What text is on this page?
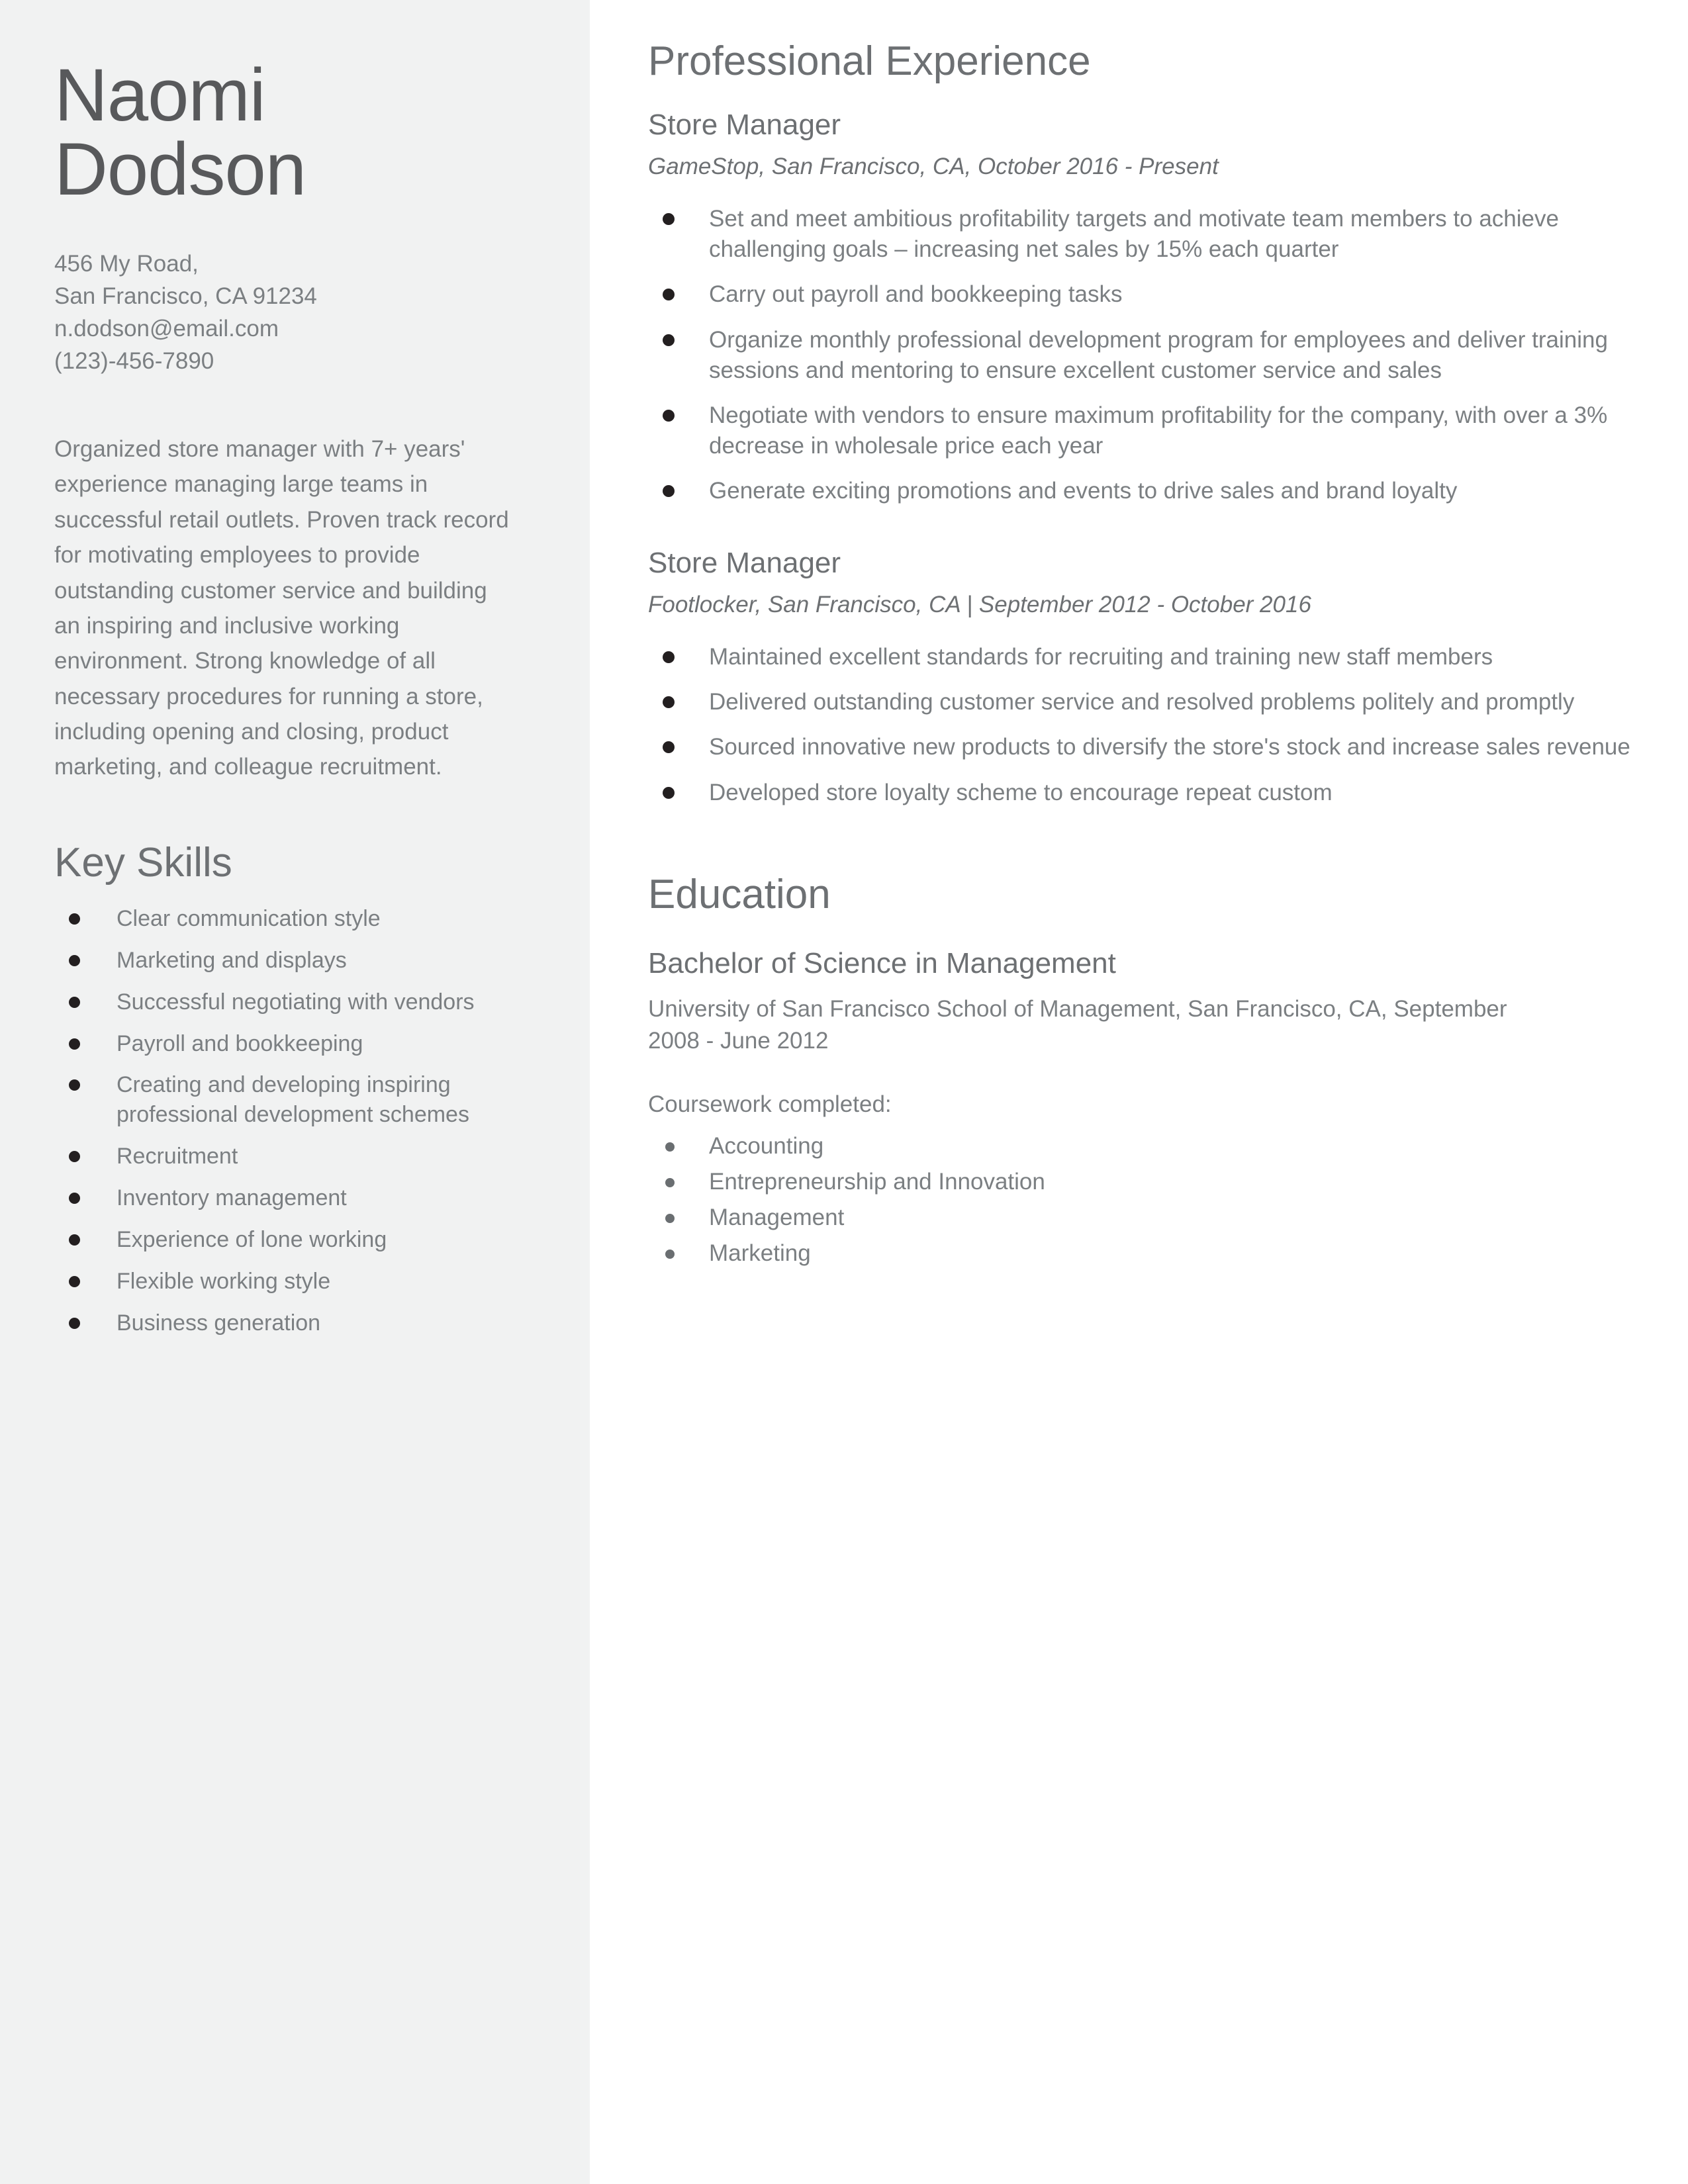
Naomi
Dodson
456 My Road,
San Francisco, CA 91234
n.dodson@email.com
(123)-456-7890

Organized store manager with 7+ years' experience managing large teams in successful retail outlets. Proven track record for motivating employees to provide outstanding customer service and building an inspiring and inclusive working environment. Strong knowledge of all necessary procedures for running a store, including opening and closing, product marketing, and colleague recruitment.

Key Skills
Clear communication style
Marketing and displays
Successful negotiating with vendors
Payroll and bookkeeping
Creating and developing inspiring professional development schemes
Recruitment
Inventory management
Experience of lone working
Flexible working style
Business generation
Professional Experience
Store Manager
GameStop, San Francisco, CA, October 2016 - Present
Set and meet ambitious profitability targets and motivate team members to achieve challenging goals – increasing net sales by 15% each quarter
Carry out payroll and bookkeeping tasks
Organize monthly professional development program for employees and deliver training sessions and mentoring to ensure excellent customer service and sales
Negotiate with vendors to ensure maximum profitability for the company, with over a 3% decrease in wholesale price each year
Generate exciting promotions and events to drive sales and brand loyalty
Store Manager
Footlocker, San Francisco, CA | September 2012 - October 2016
Maintained excellent standards for recruiting and training new staff members
Delivered outstanding customer service and resolved problems politely and promptly
Sourced innovative new products to diversify the store's stock and increase sales revenue
Developed store loyalty scheme to encourage repeat custom
Education
Bachelor of Science in Management
University of San Francisco School of Management, San Francisco, CA, September 2008 - June 2012
Coursework completed:
Accounting
Entrepreneurship and Innovation
Management
Marketing
